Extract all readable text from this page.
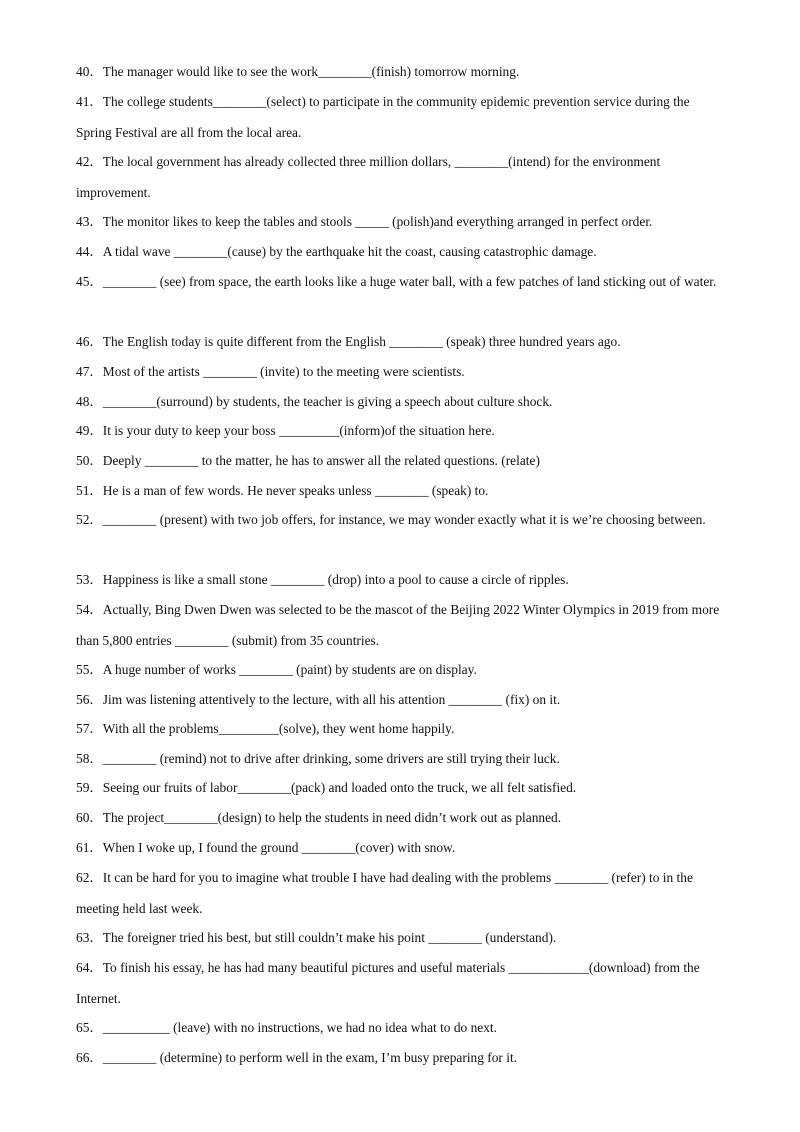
40．The manager would like to see the work________(finish) tomorrow morning.
41．The college students________(select) to participate in the community epidemic prevention service during the Spring Festival are all from the local area.
42．The local government has already collected three million dollars, ________(intend) for the environment improvement.
43．The monitor likes to keep the tables and stools _____ (polish)and everything arranged in perfect order.
44．A tidal wave ________(cause) by the earthquake hit the coast, causing catastrophic damage.
45．________ (see) from space, the earth looks like a huge water ball, with a few patches of land sticking out of water.
46．The English today is quite different from the English ________ (speak) three hundred years ago.
47．Most of the artists ________ (invite) to the meeting were scientists.
48．________(surround) by students, the teacher is giving a speech about culture shock.
49．It is your duty to keep your boss _________(inform)of the situation here.
50．Deeply ________ to the matter, he has to answer all the related questions. (relate)
51．He is a man of few words. He never speaks unless ________ (speak) to.
52．________ (present) with two job offers, for instance, we may wonder exactly what it is we’re choosing between.
53．Happiness is like a small stone ________ (drop) into a pool to cause a circle of ripples.
54．Actually, Bing Dwen Dwen was selected to be the mascot of the Beijing 2022 Winter Olympics in 2019 from more than 5,800 entries ________ (submit) from 35 countries.
55．A huge number of works ________ (paint) by students are on display.
56．Jim was listening attentively to the lecture, with all his attention ________ (fix) on it.
57．With all the problems_________(solve), they went home happily.
58．________ (remind) not to drive after drinking, some drivers are still trying their luck.
59．Seeing our fruits of labor________(pack) and loaded onto the truck, we all felt satisfied.
60．The project________(design) to help the students in need didn’t work out as planned.
61．When I woke up, I found the ground ________(cover) with snow.
62．It can be hard for you to imagine what trouble I have had dealing with the problems ________ (refer) to in the meeting held last week.
63．The foreigner tried his best, but still couldn’t make his point ________ (understand).
64．To finish his essay, he has had many beautiful pictures and useful materials ____________(download) from the Internet.
65．__________ (leave) with no instructions, we had no idea what to do next.
66．________ (determine) to perform well in the exam, I’m busy preparing for it.
